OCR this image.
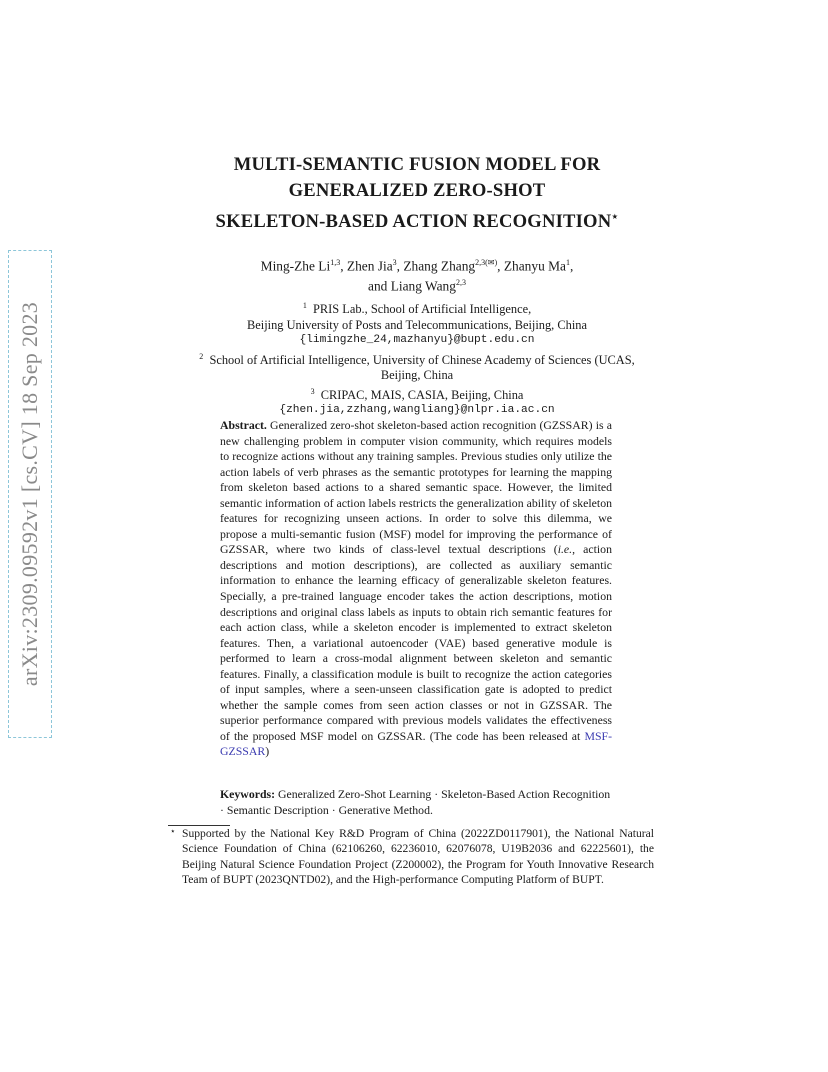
arXiv:2309.09592v1 [cs.CV] 18 Sep 2023
MULTI-SEMANTIC FUSION MODEL FOR
GENERALIZED ZERO-SHOT
SKELETON-BASED ACTION RECOGNITION⋆
Ming-Zhe Li$^{1,3}$, Zhen Jia$^3$, Zhang Zhang$^{2,3(✉)}$, Zhanyu Ma$^1$,
and Liang Wang$^{2,3}$
$^1$ PRIS Lab., School of Artificial Intelligence,
Beijing University of Posts and Telecommunications, Beijing, China
{limingzhe_24,mazhanyu}@bupt.edu.cn
$^2$ School of Artificial Intelligence, University of Chinese Academy of Sciences (UCAS,
Beijing, China
$^3$ CRIPAC, MAIS, CASIA, Beijing, China
{zhen.jia,zzhang,wangliang}@nlpr.ia.ac.cn
Abstract. Generalized zero-shot skeleton-based action recognition (GZSSAR) is a new challenging problem in computer vision community, which requires models to recognize actions without any training samples. Previous studies only utilize the action labels of verb phrases as the semantic prototypes for learning the mapping from skeleton based actions to a shared semantic space. However, the limited semantic information of action labels restricts the generalization ability of skeleton features for recognizing unseen actions. In order to solve this dilemma, we propose a multi-semantic fusion (MSF) model for improving the performance of GZSSAR, where two kinds of class-level textual descriptions (i.e., action descriptions and motion descriptions), are collected as auxiliary semantic information to enhance the learning efficacy of generalizable skeleton features. Specially, a pre-trained language encoder takes the action descriptions, motion descriptions and original class labels as inputs to obtain rich semantic features for each action class, while a skeleton encoder is implemented to extract skeleton features. Then, a variational autoencoder (VAE) based generative module is performed to learn a cross-modal alignment between skeleton and semantic features. Finally, a classification module is built to recognize the action categories of input samples, where a seen-unseen classification gate is adopted to predict whether the sample comes from seen action classes or not in GZSSAR. The superior performance compared with previous models validates the effectiveness of the proposed MSF model on GZSSAR. (The code has been released at MSF-GZSSAR)
Keywords: Generalized Zero-Shot Learning · Skeleton-Based Action Recognition · Semantic Description · Generative Method.
⋆ Supported by the National Key R&D Program of China (2022ZD0117901), the National Natural Science Foundation of China (62106260, 62236010, 62076078, U19B2036 and 62225601), the Beijing Natural Science Foundation Project (Z200002), the Program for Youth Innovative Research Team of BUPT (2023QNTD02), and the High-performance Computing Platform of BUPT.
